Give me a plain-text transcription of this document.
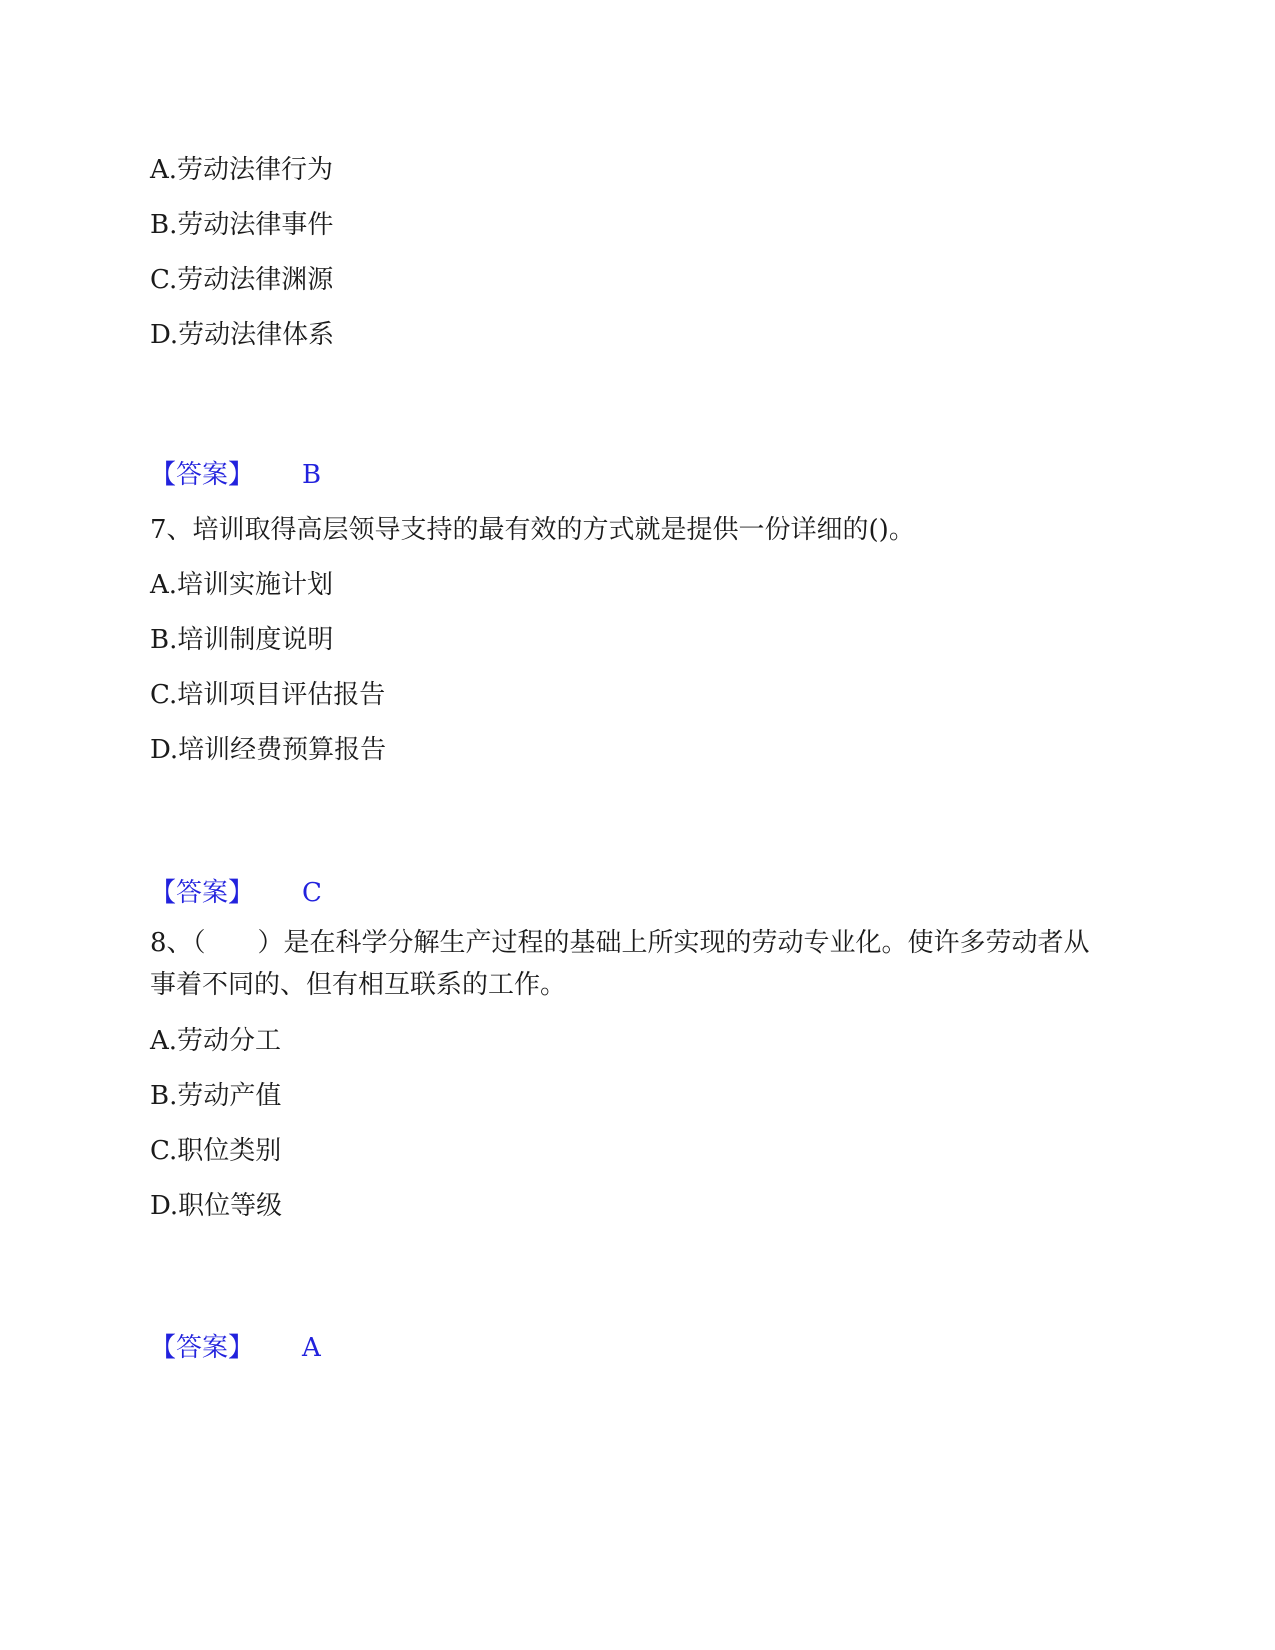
A.劳动法律行为
B.劳动法律事件
C.劳动法律渊源
D.劳动法律体系
【答案】 B
7、培训取得高层领导支持的最有效的方式就是提供一份详细的()。
A.培训实施计划
B.培训制度说明
C.培训项目评估报告
D.培训经费预算报告
【答案】 C
8、（　　）是在科学分解生产过程的基础上所实现的劳动专业化。使许多劳动者从事着不同的、但有相互联系的工作。
A.劳动分工
B.劳动产值
C.职位类别
D.职位等级
【答案】 A
